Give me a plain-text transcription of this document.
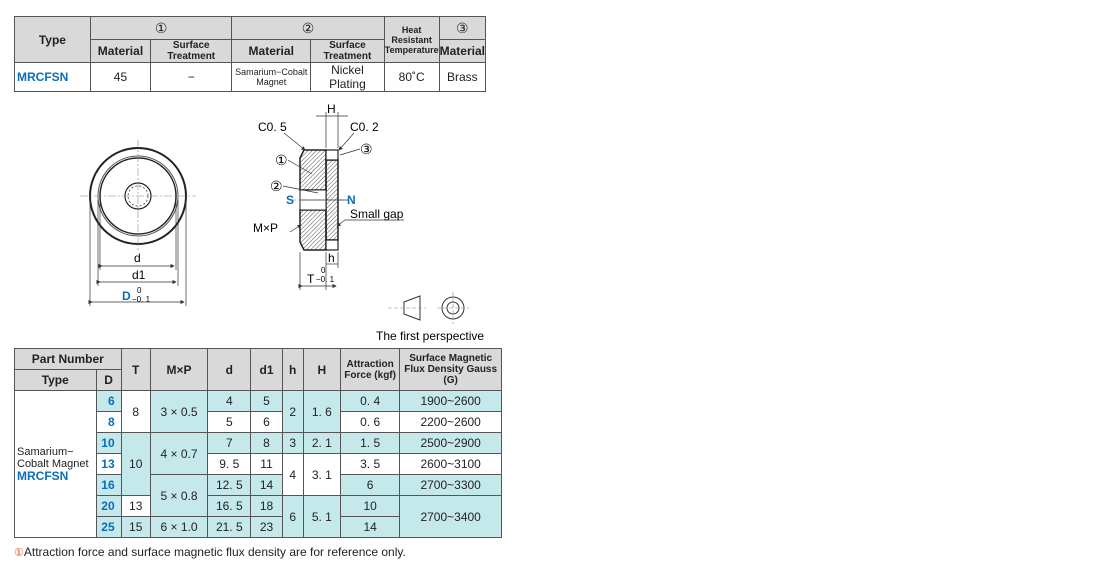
Type	①		②		Heat Resistant Temperature	③
	Material	Surface Treatment	Material	Surface Treatment		Material
MRCFSN	45	−	Samarium−Cobalt Magnet	Nickel Plating	80˚C	Brass
d
d1
D 0
−0. 1
H
C0. 5	C0. 2
①
③
②
S	N
Small gap
M×P
h
T
0
−0. 1
The first perspective
Part Number		T	M×P	d	d1	h	H	Attraction Force (kgf)	Surface Magnetic Flux Density Gauss (G)
Type	D								

Samarium−
Cobalt Magnet
MRCFSN	6	8	3 × 0.5	4	5	2	1. 6	0. 4	1900~2600
	8			5	6			0. 6	2200~2600
	10	10	4 × 0.7	7	8	3	2. 1	1. 5	2500~2900
	13			9. 5	11	4	3. 1	3. 5	2600~3100
	16		5 × 0.8	12. 5	14			6	2700~3300
	20	13		16. 5	18	6	5. 1	10	2700~3400
	25	15	6 × 1.0	21. 5	23			14	
①Attraction force and surface magnetic flux density are for reference only.
